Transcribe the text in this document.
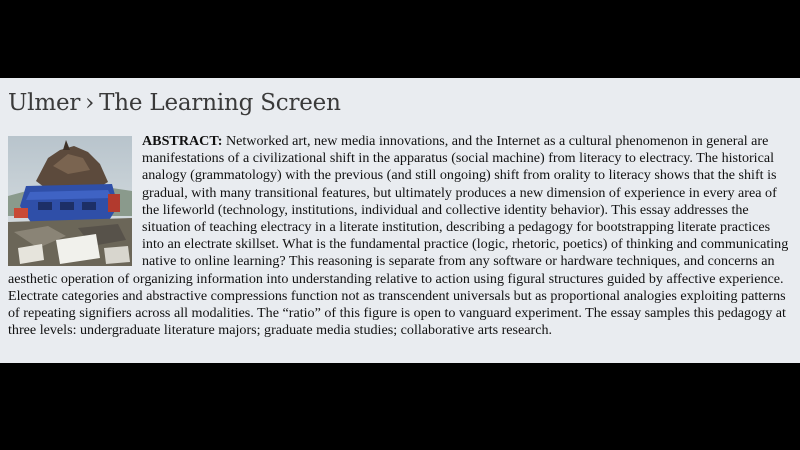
Ulmer › The Learning Screen

ABSTRACT: Networked art, new media innovations, and the Internet as a cultural phenomenon in general are manifestations of a civilizational shift in the apparatus (social machine) from literacy to electracy. The historical analogy (grammatology) with the previous (and still ongoing) shift from orality to literacy shows that the shift is gradual, with many transitional features, but ultimately produces a new dimension of experience in every area of the lifeworld (technology, institutions, individual and collective identity behavior). This essay addresses the situation of teaching electracy in a literate institution, describing a pedagogy for bootstrapping literate practices into an electrate skillset. What is the fundamental practice (logic, rhetoric, poetics) of thinking and communicating native to online learning? This reasoning is separate from any software or hardware techniques, and concerns an aesthetic operation of organizing information into understanding relative to action using figural structures guided by affective experience. Electrate categories and abstractive compressions function not as transcendent universals but as proportional analogies exploiting patterns of repeating signifiers across all modalities. The “ratio” of this figure is open to vanguard experiment. The essay samples this pedagogy at three levels: undergraduate literature majors; graduate media studies; collaborative arts research.
